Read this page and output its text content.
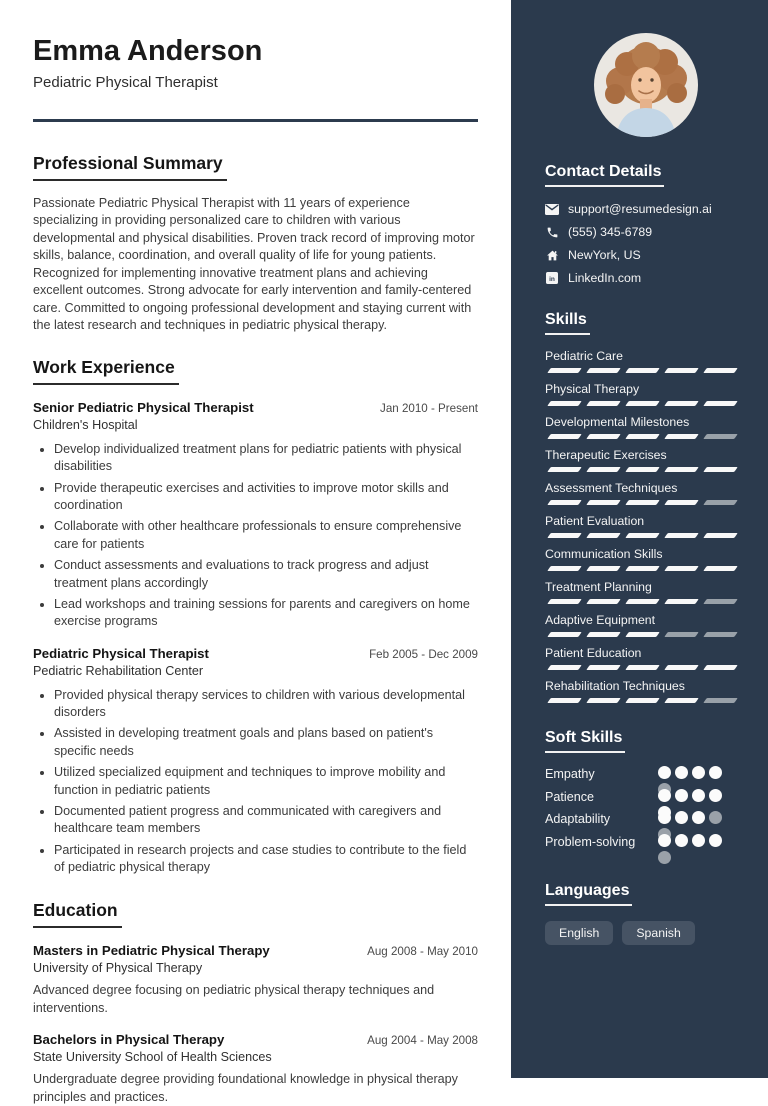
Emma Anderson
Pediatric Physical Therapist
Professional Summary

Passionate Pediatric Physical Therapist with 11 years of experience specializing in providing personalized care to children with various developmental and physical disabilities. Proven track record of improving motor skills, balance, coordination, and overall quality of life for young patients. Recognized for implementing innovative treatment plans and achieving excellent outcomes. Strong advocate for early intervention and family-centered care. Committed to ongoing professional development and staying current with the latest research and techniques in pediatric physical therapy.

Work Experience
Senior Pediatric Physical Therapist	Jan 2010 - Present
Children's Hospital
• Develop individualized treatment plans for pediatric patients with physical disabilities
• Provide therapeutic exercises and activities to improve motor skills and coordination
• Collaborate with other healthcare professionals to ensure comprehensive care for patients
• Conduct assessments and evaluations to track progress and adjust treatment plans accordingly
• Lead workshops and training sessions for parents and caregivers on home exercise programs
Pediatric Physical Therapist	Feb 2005 - Dec 2009
Pediatric Rehabilitation Center
• Provided physical therapy services to children with various developmental disorders
• Assisted in developing treatment goals and plans based on patient's specific needs
• Utilized specialized equipment and techniques to improve mobility and function in pediatric patients
• Documented patient progress and communicated with caregivers and healthcare team members
• Participated in research projects and case studies to contribute to the field of pediatric physical therapy
Education
Masters in Pediatric Physical Therapy	Aug 2008 - May 2010
University of Physical Therapy

Advanced degree focusing on pediatric physical therapy techniques and interventions.

Bachelors in Physical Therapy	Aug 2004 - May 2008
State University School of Health Sciences

Undergraduate degree providing foundational knowledge in physical therapy principles and practices.

Contact Details
support@resumedesign.ai
(555) 345-6789
NewYork, US
in LinkedIn.com
Skills
Pediatric Care
Physical Therapy
Developmental Milestones
Therapeutic Exercises
Assessment Techniques
Patient Evaluation
Communication Skills
Treatment Planning
Adaptive Equipment
Patient Education
Rehabilitation Techniques
Soft Skills
Empathy
Patience
Adaptability
Problem-solving
Languages
English	Spanish
